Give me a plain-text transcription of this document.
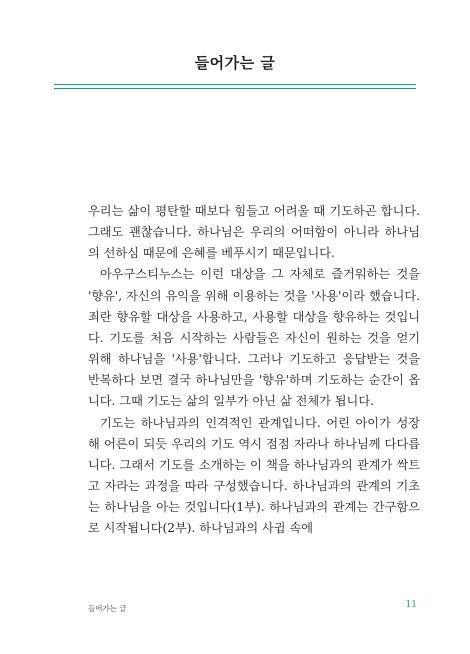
들어가는 글

우리는 삶이 평탄할 때보다 힘들고 어려울 때 기도하곤 합니다. 그래도 괜찮습니다. 하나님은 우리의 어떠함이 아니라 하나님의 선하심 때문에 은혜를 베푸시기 때문입니다.

아우구스티누스는 이런 대상을 그 자체로 즐거워하는 것을 '향유', 자신의 유익을 위해 이용하는 것을 '사용'이라 했습니다. 죄란 향유할 대상을 사용하고, 사용할 대상을 향유하는 것입니다. 기도를 처음 시작하는 사람들은 자신이 원하는 것을 얻기 위해 하나님을 '사용'합니다. 그러나 기도하고 응답받는 것을 반복하다 보면 결국 하나님만을 '향유'하며 기도하는 순간이 옵니다. 그때 기도는 삶의 일부가 아닌 삶 전체가 됩니다.

기도는 하나님과의 인격적인 관계입니다. 어린 아이가 성장해 어른이 되듯 우리의 기도 역시 점점 자라나 하나님께 다다릅니다. 그래서 기도를 소개하는 이 책을 하나님과의 관계가 싹트고 자라는 과정을 따라 구성했습니다. 하나님과의 관계의 기초는 하나님을 아는 것입니다(1부). 하나님과의 관계는 간구함으로 시작됩니다(2부). 하나님과의 사귐 속에

들어가는 글	11
